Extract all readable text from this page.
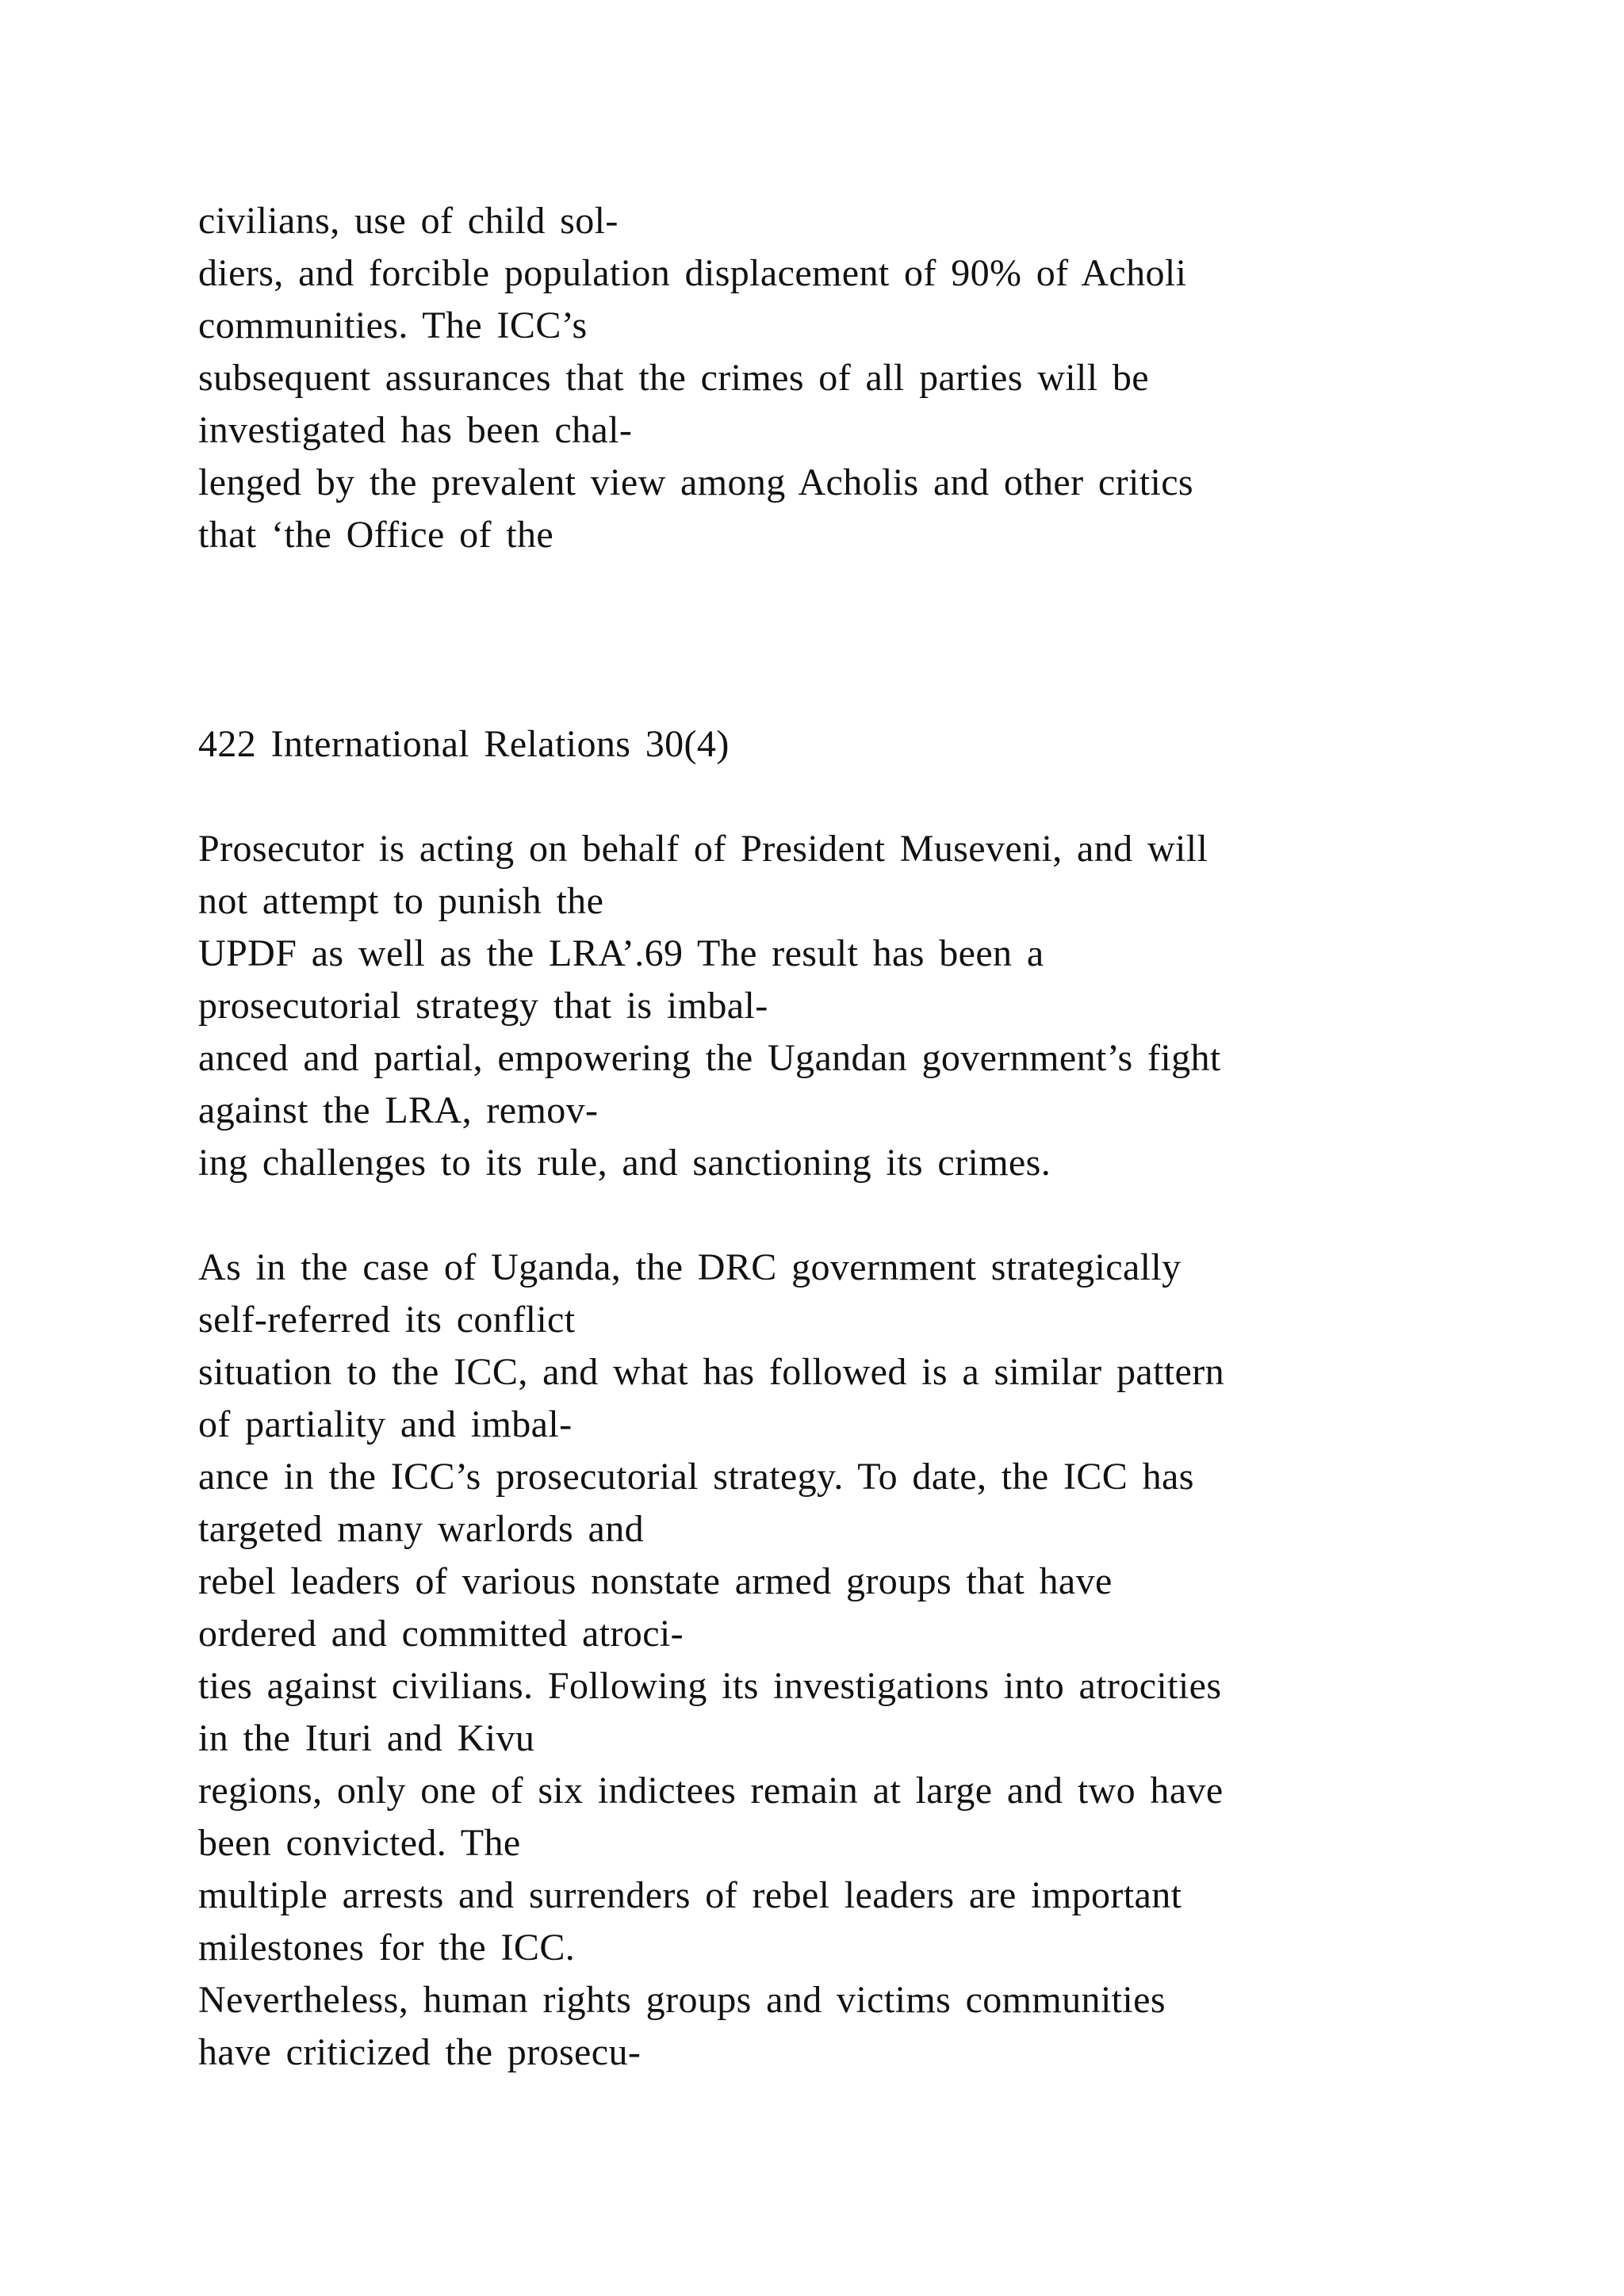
civilians, use of child sol-

diers, and forcible population displacement of 90% of Acholi

communities. The ICC’s

subsequent assurances that the crimes of all parties will be

investigated has been chal-

lenged by the prevalent view among Acholis and other critics

that ‘the Office of the

422 International Relations 30(4)

Prosecutor is acting on behalf of President Museveni, and will

not attempt to punish the

UPDF as well as the LRA’.69 The result has been a

prosecutorial strategy that is imbal-

anced and partial, empowering the Ugandan government’s fight

against the LRA, remov-

ing challenges to its rule, and sanctioning its crimes.

As in the case of Uganda, the DRC government strategically

self-referred its conflict

situation to the ICC, and what has followed is a similar pattern

of partiality and imbal-

ance in the ICC’s prosecutorial strategy. To date, the ICC has

targeted many warlords and

rebel leaders of various nonstate armed groups that have

ordered and committed atroci-

ties against civilians. Following its investigations into atrocities

in the Ituri and Kivu

regions, only one of six indictees remain at large and two have

been convicted. The

multiple arrests and surrenders of rebel leaders are important

milestones for the ICC.

Nevertheless, human rights groups and victims communities

have criticized the prosecu-
